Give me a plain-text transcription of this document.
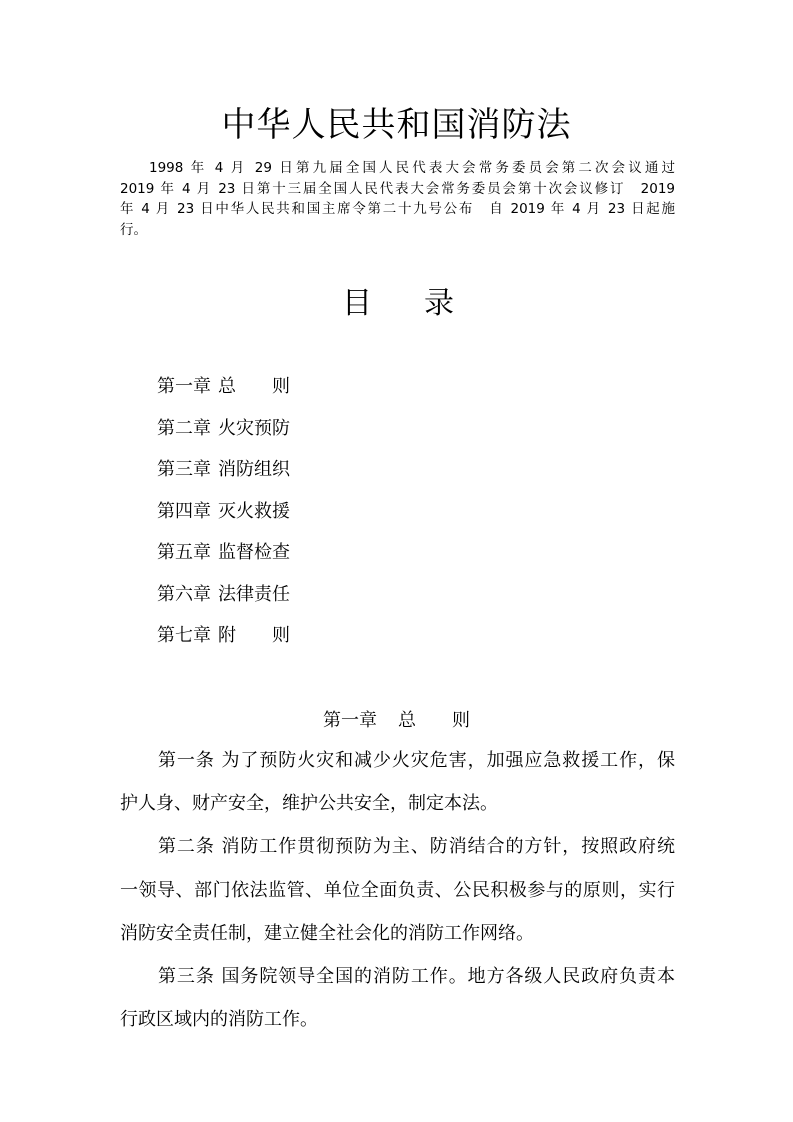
中华人民共和国消防法
1998 年 4 月 29 日第九届全国人民代表大会常务委员会第二次会议通过
2019 年 4 月 23 日第十三届全国人民代表大会常务委员会第十次会议修订　2019
年 4 月 23 日中华人民共和国主席令第二十九号公布　自 2019 年 4 月 23 日起施
行。
目 录
第一章 总　　则
第二章 火灾预防
第三章 消防组织
第四章 灭火救援
第五章 监督检查
第六章 法律责任
第七章 附　　则
第一章 总　　则
第一条 为了预防火灾和减少火灾危害，加强应急救援工作，保
护人身、财产安全，维护公共安全，制定本法。
第二条 消防工作贯彻预防为主、防消结合的方针，按照政府统
一领导、部门依法监管、单位全面负责、公民积极参与的原则，实行
消防安全责任制，建立健全社会化的消防工作网络。
第三条 国务院领导全国的消防工作。地方各级人民政府负责本
行政区域内的消防工作。
